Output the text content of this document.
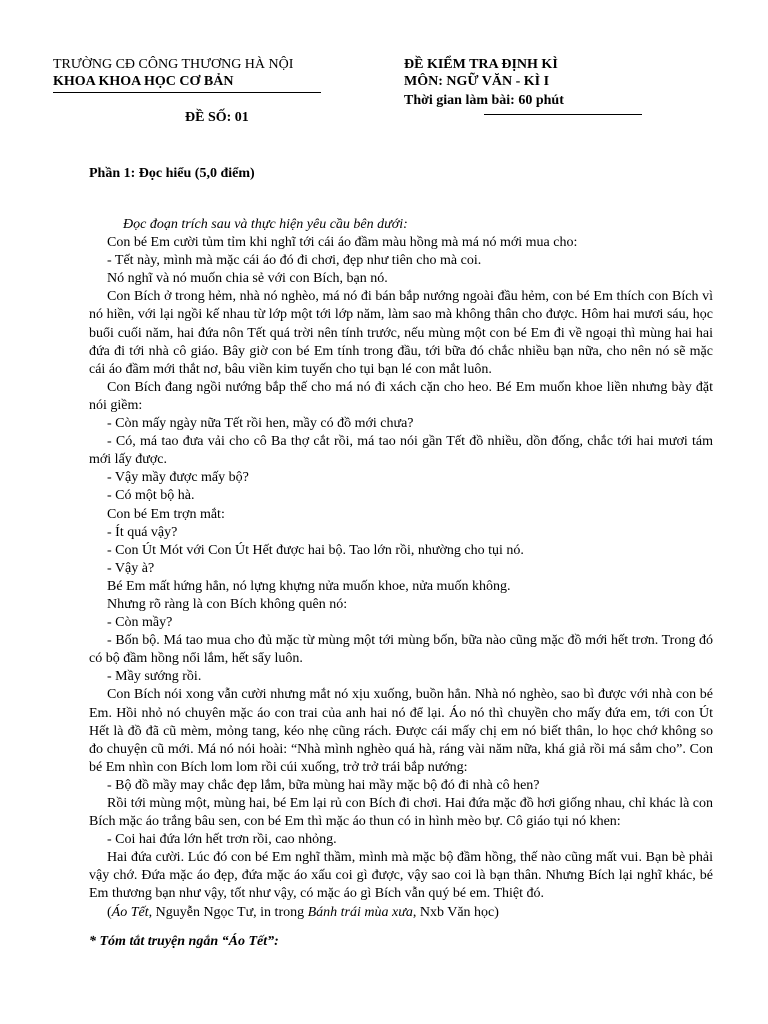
TRƯỜNG CĐ CÔNG THƯƠNG HÀ NỘI
KHOA KHOA HỌC CƠ BẢN
ĐỀ KIỂM TRA ĐỊNH KÌ
MÔN: NGỮ VĂN - KÌ I
Thời gian làm bài: 60 phút
ĐỀ SỐ: 01
Phần 1: Đọc hiểu (5,0 điểm)

Đọc đoạn trích sau và thực hiện yêu cầu bên dưới:

Con bé Em cười tủm tỉm khi nghĩ tới cái áo đầm màu hồng mà má nó mới mua cho:

- Tết này, mình mà mặc cái áo đó đi chơi, đẹp như tiên cho mà coi.

Nó nghĩ và nó muốn chia sẻ với con Bích, bạn nó.

Con Bích ở trong hẻm, nhà nó nghèo, má nó đi bán bắp nướng ngoài đầu hẻm, con bé Em thích con Bích vì nó hiền, với lại ngồi kế nhau từ lớp một tới lớp năm, làm sao mà không thân cho được. Hôm hai mươi sáu, học buổi cuối năm, hai đứa nôn Tết quá trời nên tính trước, nếu mùng một con bé Em đi về ngoại thì mùng hai hai đứa đi tới nhà cô giáo. Bây giờ con bé Em tính trong đầu, tới bữa đó chắc nhiều bạn nữa, cho nên nó sẽ mặc cái áo đầm mới thắt nơ, bâu viền kim tuyến cho tụi bạn lé con mắt luôn.

Con Bích đang ngồi nướng bắp thế cho má nó đi xách cặn cho heo. Bé Em muốn khoe liền nhưng bày đặt nói giềm:

- Còn mấy ngày nữa Tết rồi hen, mầy có đồ mới chưa?

- Có, má tao đưa vải cho cô Ba thợ cắt rồi, má tao nói gần Tết đồ nhiều, dồn đống, chắc tới hai mươi tám mới lấy được.

- Vậy mầy được mấy bộ?

- Có một bộ hà.

Con bé Em trợn mắt:

- Ít quá vậy?

- Con Út Mót với Con Út Hết được hai bộ. Tao lớn rồi, nhường cho tụi nó.

- Vậy à?

Bé Em mất hứng hẳn, nó lựng khựng nửa muốn khoe, nửa muốn không.

Nhưng rõ ràng là con Bích không quên nó:

- Còn mầy?

- Bốn bộ. Má tao mua cho đủ mặc từ mùng một tới mùng bốn, bữa nào cũng mặc đồ mới hết trơn. Trong đó có bộ đầm hồng nổi lắm, hết sẩy luôn.

- Mầy sướng rồi.

Con Bích nói xong vẫn cười nhưng mắt nó xịu xuống, buồn hẳn. Nhà nó nghèo, sao bì được với nhà con bé Em. Hồi nhỏ nó chuyên mặc áo con trai của anh hai nó để lại. Áo nó thì chuyền cho mấy đứa em, tới con Út Hết là đồ đã cũ mèm, mỏng tang, kéo nhẹ cũng rách. Được cái mấy chị em nó biết thân, lo học chớ không so đo chuyện cũ mới. Má nó nói hoài: “Nhà mình nghèo quá hà, ráng vài năm nữa, khá giả rồi má sắm cho”. Con bé Em nhìn con Bích lom lom rồi cúi xuống, trở trở trái bắp nướng:

- Bộ đồ mầy may chắc đẹp lắm, bữa mùng hai mầy mặc bộ đó đi nhà cô hen?

Rồi tới mùng một, mùng hai, bé Em lại rủ con Bích đi chơi. Hai đứa mặc đồ hơi giống nhau, chỉ khác là con Bích mặc áo trắng bâu sen, con bé Em thì mặc áo thun có in hình mèo bự. Cô giáo tụi nó khen:

- Coi hai đứa lớn hết trơn rồi, cao nhỏng.

Hai đứa cười. Lúc đó con bé Em nghĩ thầm, mình mà mặc bộ đầm hồng, thế nào cũng mất vui. Bạn bè phải vậy chớ. Đứa mặc áo đẹp, đứa mặc áo xấu coi gì được, vậy sao coi là bạn thân. Nhưng Bích lại nghĩ khác, bé Em thương bạn như vậy, tốt như vậy, có mặc áo gì Bích vẫn quý bé em. Thiệt đó.

(Áo Tết, Nguyễn Ngọc Tư, in trong Bánh trái mùa xưa, Nxb Văn học)

* Tóm tắt truyện ngắn “Áo Tết”:
